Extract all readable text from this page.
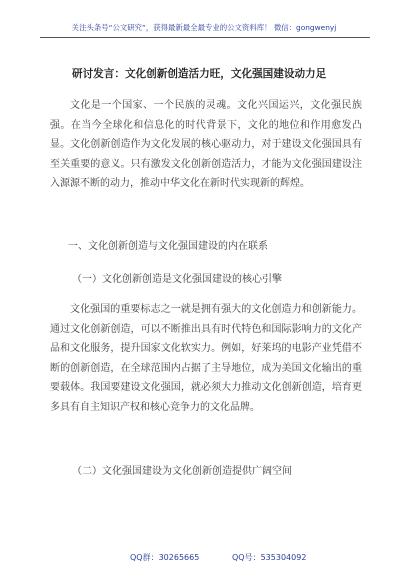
关注头条号“公文研究”，获得最新最全最专业的公文资料库！ 微信：gongwenyj
研讨发言：文化创新创造活力旺，文化强国建设动力足

文化是一个国家、一个民族的灵魂。文化兴国运兴，文化强民族强。在当今全球化和信息化的时代背景下，文化的地位和作用愈发凸显。文化创新创造作为文化发展的核心驱动力，对于建设文化强国具有至关重要的意义。只有激发文化创新创造活力，才能为文化强国建设注入源源不断的动力，推动中华文化在新时代实现新的辉煌。

一、文化创新创造与文化强国建设的内在联系
（一）文化创新创造是文化强国建设的核心引擎

文化强国的重要标志之一就是拥有强大的文化创造力和创新能力。通过文化创新创造，可以不断推出具有时代特色和国际影响力的文化产品和文化服务，提升国家文化软实力。例如，好莱坞的电影产业凭借不断的创新创造，在全球范围内占据了主导地位，成为美国文化输出的重要载体。我国要建设文化强国，就必须大力推动文化创新创造，培育更多具有自主知识产权和核心竞争力的文化品牌。

（二）文化强国建设为文化创新创造提供广阔空间
QQ群：30265665	QQ号：535304092
